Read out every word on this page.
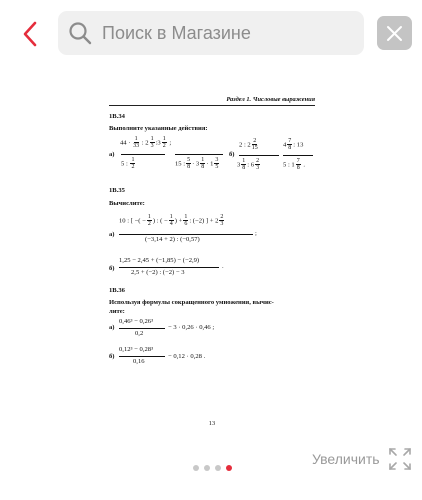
Поиск в Магазине
Раздел 1. Числовые выражения
1В.34
Выполните указанные действия:
а)
$44 \cdot \frac{1}{33}$ : $2 \frac{1}{3}$ :3 $\frac{1}{2}$ ;
5 : $\frac{1}{2}$	15 : $\frac{5}{8} \cdot 3 \frac{1}{8} \cdot 1 \frac{3}{5}$
б)
2 : $2 \frac{2}{15}$	$4 \frac{7}{8}$ : 13
$3 \frac{1}{8}$ : $6 \frac{2}{3}$	5 : $1 \frac{7}{8}$ .
1В.35
Вычислите:
а)
10 : [ −( − $\frac{1}{2}$ ) : ( − $\frac{1}{4}$ ) + $\frac{1}{6}$ : (−2) ] + $2 \frac{2}{3}$
(−3,14 + 2) : (−0,57)
;
б)
1,25 − 2,45 + (−1,85) − (−2,9)
2,5 + (−2) : (−2) − 3
.
1В.36
Используя формулы сокращенного умножения, вычис-
лите:
а)
0,46³ − 0,26³
0,2
− 3 · 0,26 · 0,46 ;
б)
0,12³ − 0,28³
0,16
− 0,12 · 0,28 .
13
Увеличить
